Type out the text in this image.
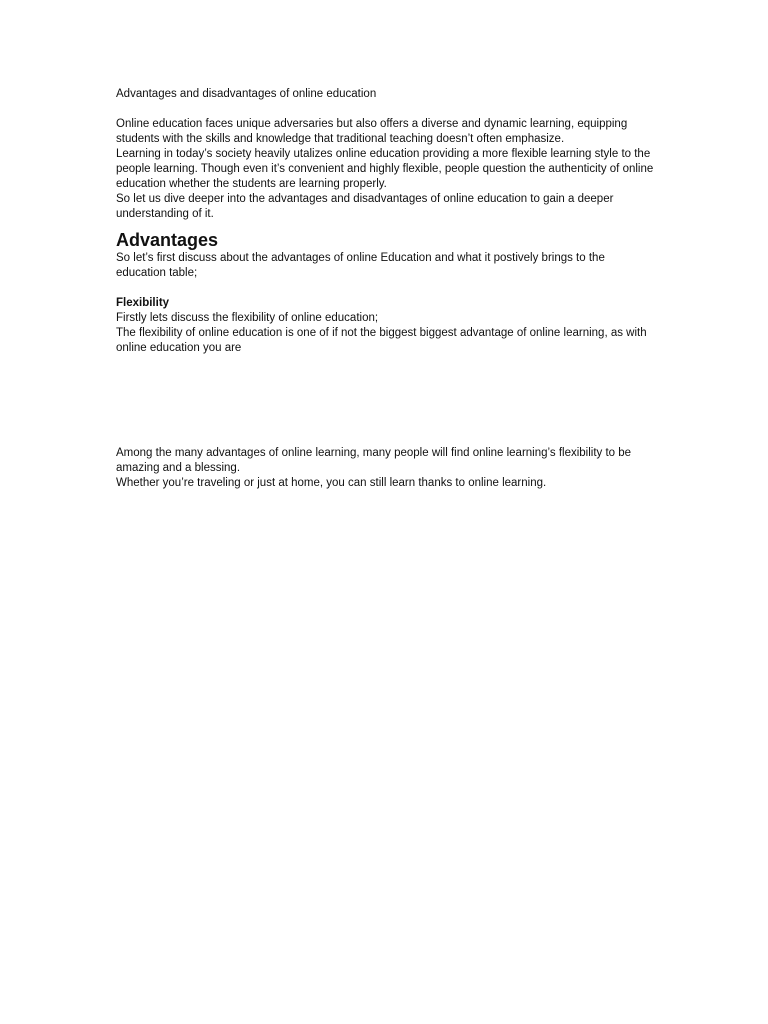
Advantages and disadvantages of online education

Online education faces unique adversaries but also offers a diverse and dynamic learning, equipping students with the skills and knowledge that traditional teaching doesn’t often emphasize.

Learning in today’s society heavily utalizes online education providing a more flexible learning style to the people learning. Though even it’s convenient and highly flexible, people question the authenticity of online education whether the students are learning properly.

So let us dive deeper into the advantages and disadvantages of online education to gain a deeper understanding of it.

Advantages

So let’s first discuss about the advantages of online Education and what it postively brings to the education table;

Flexibility

Firstly lets discuss the flexibility of online education;

The flexibility of online education is one of if not the biggest biggest advantage of online learning, as with online education you are

Among the many advantages of online learning, many people will find online learning’s flexibility to be amazing and a blessing.

Whether you’re traveling or just at home, you can still learn thanks to online learning.
